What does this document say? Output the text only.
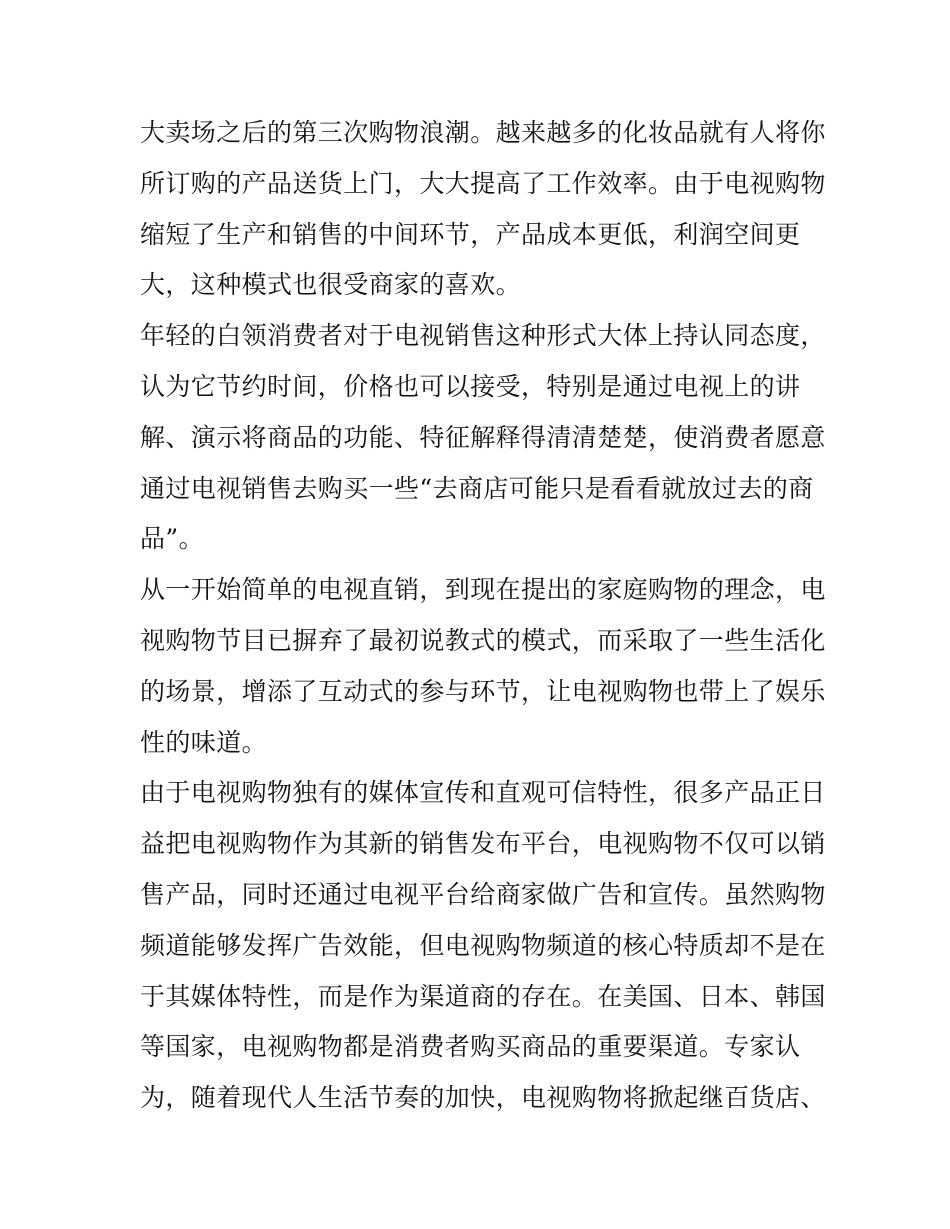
大卖场之后的第三次购物浪潮。越来越多的化妆品就有人将你
所订购的产品送货上门，大大提高了工作效率。由于电视购物
缩短了生产和销售的中间环节，产品成本更低，利润空间更
大，这种模式也很受商家的喜欢。
年轻的白领消费者对于电视销售这种形式大体上持认同态度，
认为它节约时间，价格也可以接受，特别是通过电视上的讲
解、演示将商品的功能、特征解释得清清楚楚，使消费者愿意
通过电视销售去购买一些“去商店可能只是看看就放过去的商
品”。
从一开始简单的电视直销，到现在提出的家庭购物的理念，电
视购物节目已摒弃了最初说教式的模式，而采取了一些生活化
的场景，增添了互动式的参与环节，让电视购物也带上了娱乐
性的味道。
由于电视购物独有的媒体宣传和直观可信特性，很多产品正日
益把电视购物作为其新的销售发布平台，电视购物不仅可以销
售产品，同时还通过电视平台给商家做广告和宣传。虽然购物
频道能够发挥广告效能，但电视购物频道的核心特质却不是在
于其媒体特性，而是作为渠道商的存在。在美国、日本、韩国
等国家，电视购物都是消费者购买商品的重要渠道。专家认
为，随着现代人生活节奏的加快，电视购物将掀起继百货店、
